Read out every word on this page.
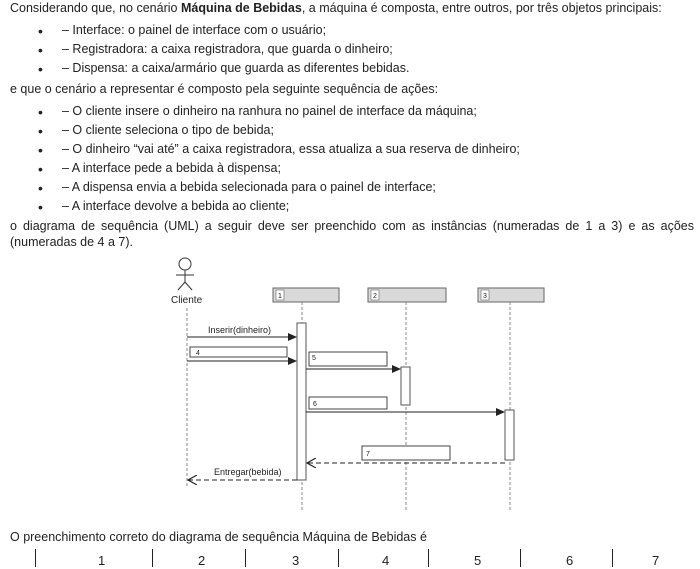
Considerando que, no cenário Máquina de Bebidas, a máquina é composta, entre outros, por três objetos principais:
• – Interface: o painel de interface com o usuário;
• – Registradora: a caixa registradora, que guarda o dinheiro;
• – Dispensa: a caixa/armário que guarda as diferentes bebidas.
e que o cenário a representar é composto pela seguinte sequência de ações:
• – O cliente insere o dinheiro na ranhura no painel de interface da máquina;
• – O cliente seleciona o tipo de bebida;
• – O dinheiro “vai até” a caixa registradora, essa atualiza a sua reserva de dinheiro;
• – A interface pede a bebida à dispensa;
• – A dispensa envia a bebida selecionada para o painel de interface;
• – A interface devolve a bebida ao cliente;
o diagrama de sequência (UML) a seguir deve ser preenchido com as instâncias (numeradas de 1 a 3) e as ações
(numeradas de 4 a 7).
Cliente	1	2	3
Inserir(dinheiro)
4
5
6
7
Entregar(bebida)
O preenchimento correto do diagrama de sequência Máquina de Bebidas é
1	2	3	4	5	6	7
